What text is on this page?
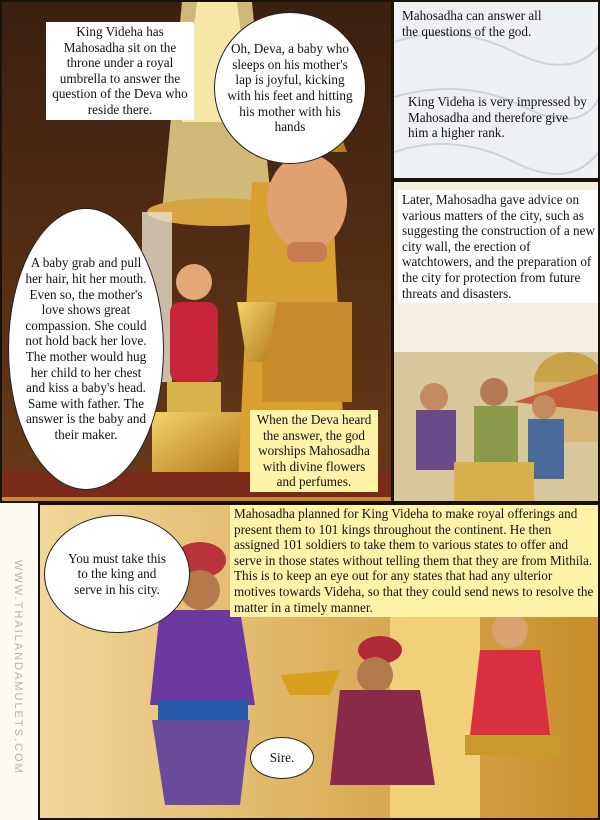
King Videha has Mahosadha sit on the throne under a royal umbrella to answer the question of the Deva who reside there.
Oh, Deva, a baby who sleeps on his mother's lap is joyful, kicking with his feet and hitting his mother with his hands
A baby grab and pull her hair, hit her mouth. Even so, the mother's love shows great compassion. She could not hold back her love. The mother would hug her child to her chest and kiss a baby's head. Same with father. The answer is the baby and their maker.
When the Deva heard the answer, the god worships Mahosadha with divine flowers and perfumes.
Mahosadha can answer all the questions of the god.
King Videha is very impressed by Mahosadha and therefore give him a higher rank.
Later, Mahosadha gave advice on various matters of the city, such as suggesting the construction of a new city wall, the erection of watchtowers, and the preparation of the city for protection from future threats and disasters.
Mahosadha planned for King Videha to make royal offerings and present them to 101 kings throughout the continent. He then assigned 101 soldiers to take them to various states to offer and serve in those states without telling them that they are from Mithila. This is to keep an eye out for any states that had any ulterior motives towards Videha, so that they could send news to resolve the matter in a timely manner.
You must take this to the king and serve in his city.
Sire.
WWW.THAILANDAMULETS.COM
